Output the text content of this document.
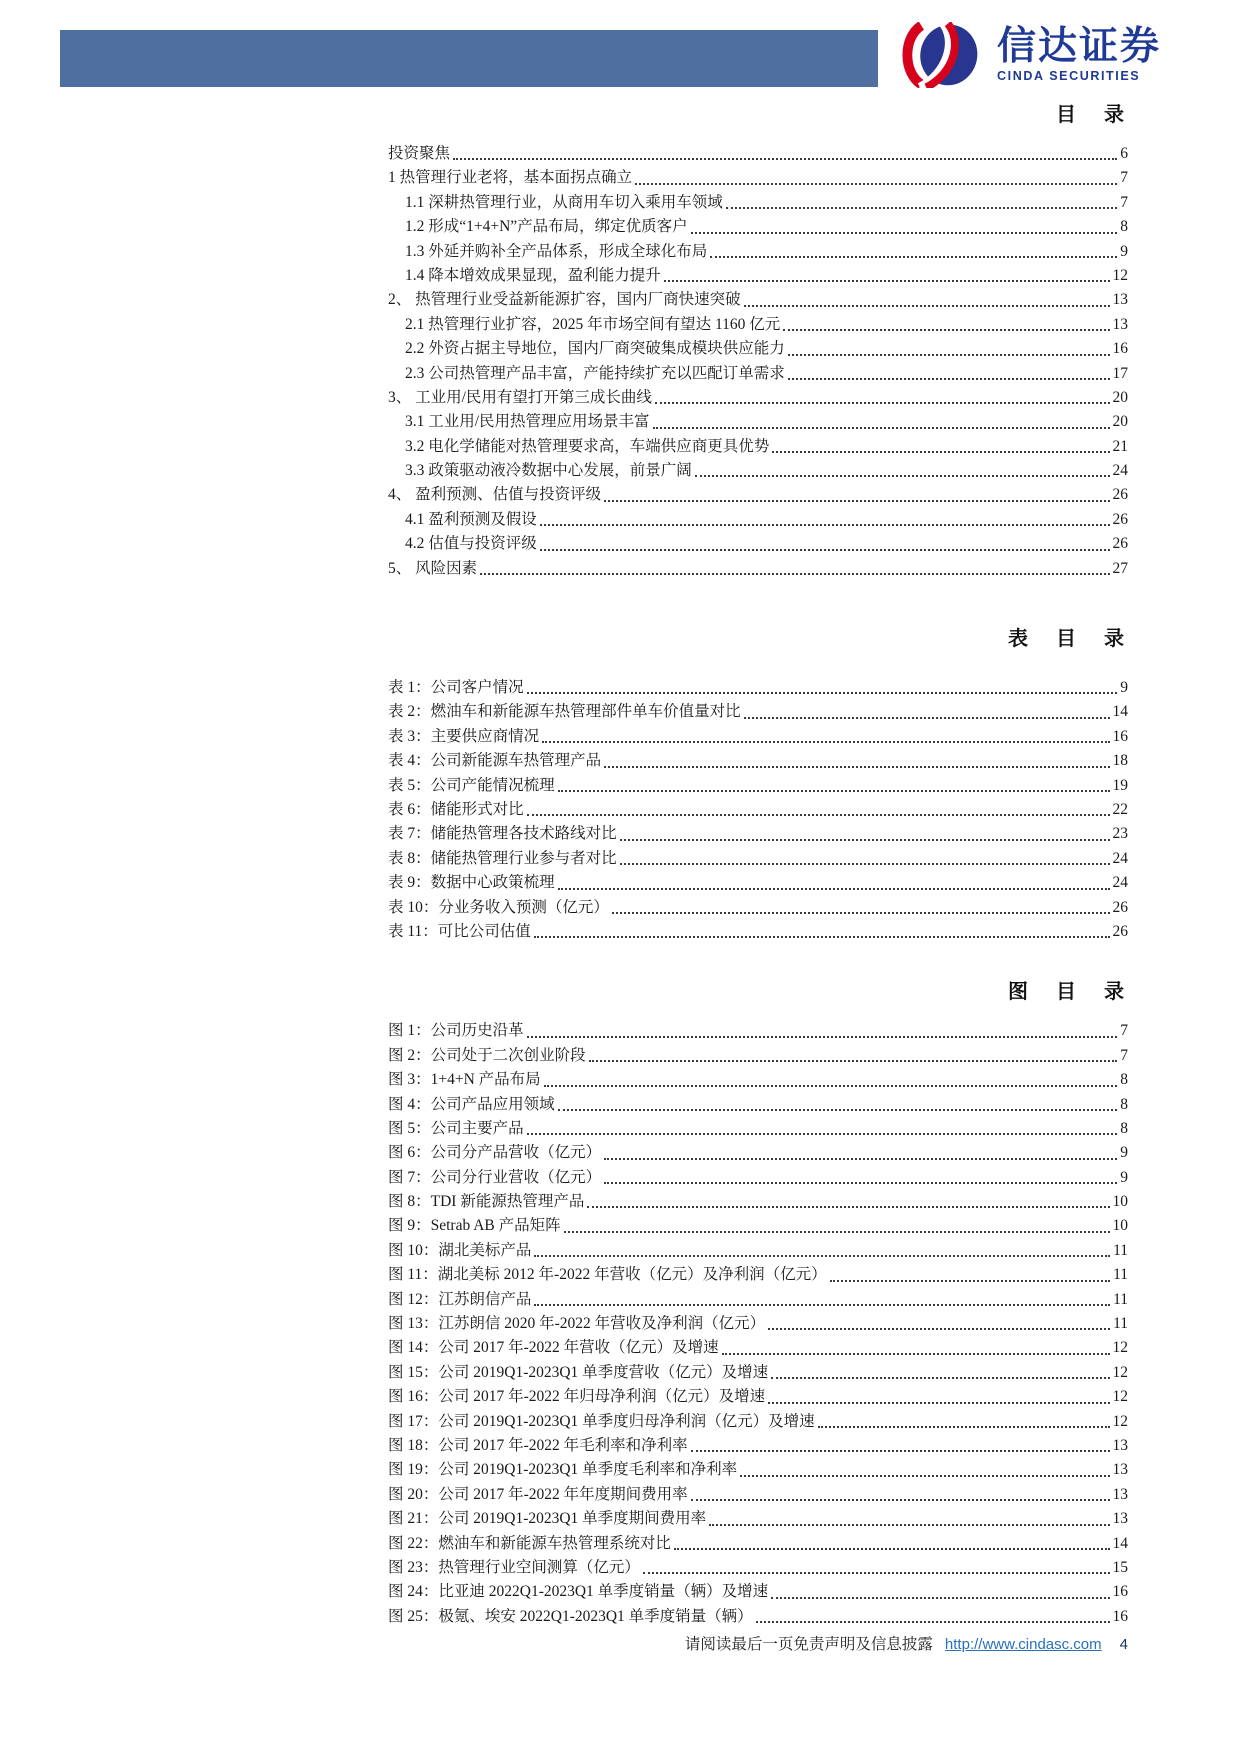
信达证券
CINDA SECURITIES
目　录
投资聚焦	6
1 热管理行业老将，基本面拐点确立	7
1.1 深耕热管理行业，从商用车切入乘用车领域	7
1.2 形成“1+4+N”产品布局，绑定优质客户	8
1.3 外延并购补全产品体系，形成全球化布局	9
1.4 降本增效成果显现，盈利能力提升	12
2、 热管理行业受益新能源扩容，国内厂商快速突破	13
2.1 热管理行业扩容，2025 年市场空间有望达 1160 亿元	13
2.2 外资占据主导地位，国内厂商突破集成模块供应能力	16
2.3 公司热管理产品丰富，产能持续扩充以匹配订单需求	17
3、 工业用/民用有望打开第三成长曲线	20
3.1 工业用/民用热管理应用场景丰富	20
3.2 电化学储能对热管理要求高，车端供应商更具优势	21
3.3 政策驱动液冷数据中心发展，前景广阔	24
4、 盈利预测、估值与投资评级	26
4.1 盈利预测及假设	26
4.2 估值与投资评级	26
5、 风险因素	27
表　目　录
表 1：公司客户情况	9
表 2：燃油车和新能源车热管理部件单车价值量对比	14
表 3：主要供应商情况	16
表 4：公司新能源车热管理产品	18
表 5：公司产能情况梳理	19
表 6：储能形式对比	22
表 7：储能热管理各技术路线对比	23
表 8：储能热管理行业参与者对比	24
表 9：数据中心政策梳理	24
表 10：分业务收入预测（亿元）	26
表 11：可比公司估值	26
图　目　录
图 1：公司历史沿革	7
图 2：公司处于二次创业阶段	7
图 3：1+4+N 产品布局	8
图 4：公司产品应用领域	8
图 5：公司主要产品	8
图 6：公司分产品营收（亿元）	9
图 7：公司分行业营收（亿元）	9
图 8：TDI 新能源热管理产品	10
图 9：Setrab AB 产品矩阵	10
图 10：湖北美标产品	11
图 11：湖北美标 2012 年-2022 年营收（亿元）及净利润（亿元）	11
图 12：江苏朗信产品	11
图 13：江苏朗信 2020 年-2022 年营收及净利润（亿元）	11
图 14：公司 2017 年-2022 年营收（亿元）及增速	12
图 15：公司 2019Q1-2023Q1 单季度营收（亿元）及增速	12
图 16：公司 2017 年-2022 年归母净利润（亿元）及增速	12
图 17：公司 2019Q1-2023Q1 单季度归母净利润（亿元）及增速	12
图 18：公司 2017 年-2022 年毛利率和净利率	13
图 19：公司 2019Q1-2023Q1 单季度毛利率和净利率	13
图 20：公司 2017 年-2022 年年度期间费用率	13
图 21：公司 2019Q1-2023Q1 单季度期间费用率	13
图 22：燃油车和新能源车热管理系统对比	14
图 23：热管理行业空间测算（亿元）	15
图 24：比亚迪 2022Q1-2023Q1 单季度销量（辆）及增速	16
图 25：极氪、埃安 2022Q1-2023Q1 单季度销量（辆）	16
请阅读最后一页免责声明及信息披露 http://www.cindasc.com	4
